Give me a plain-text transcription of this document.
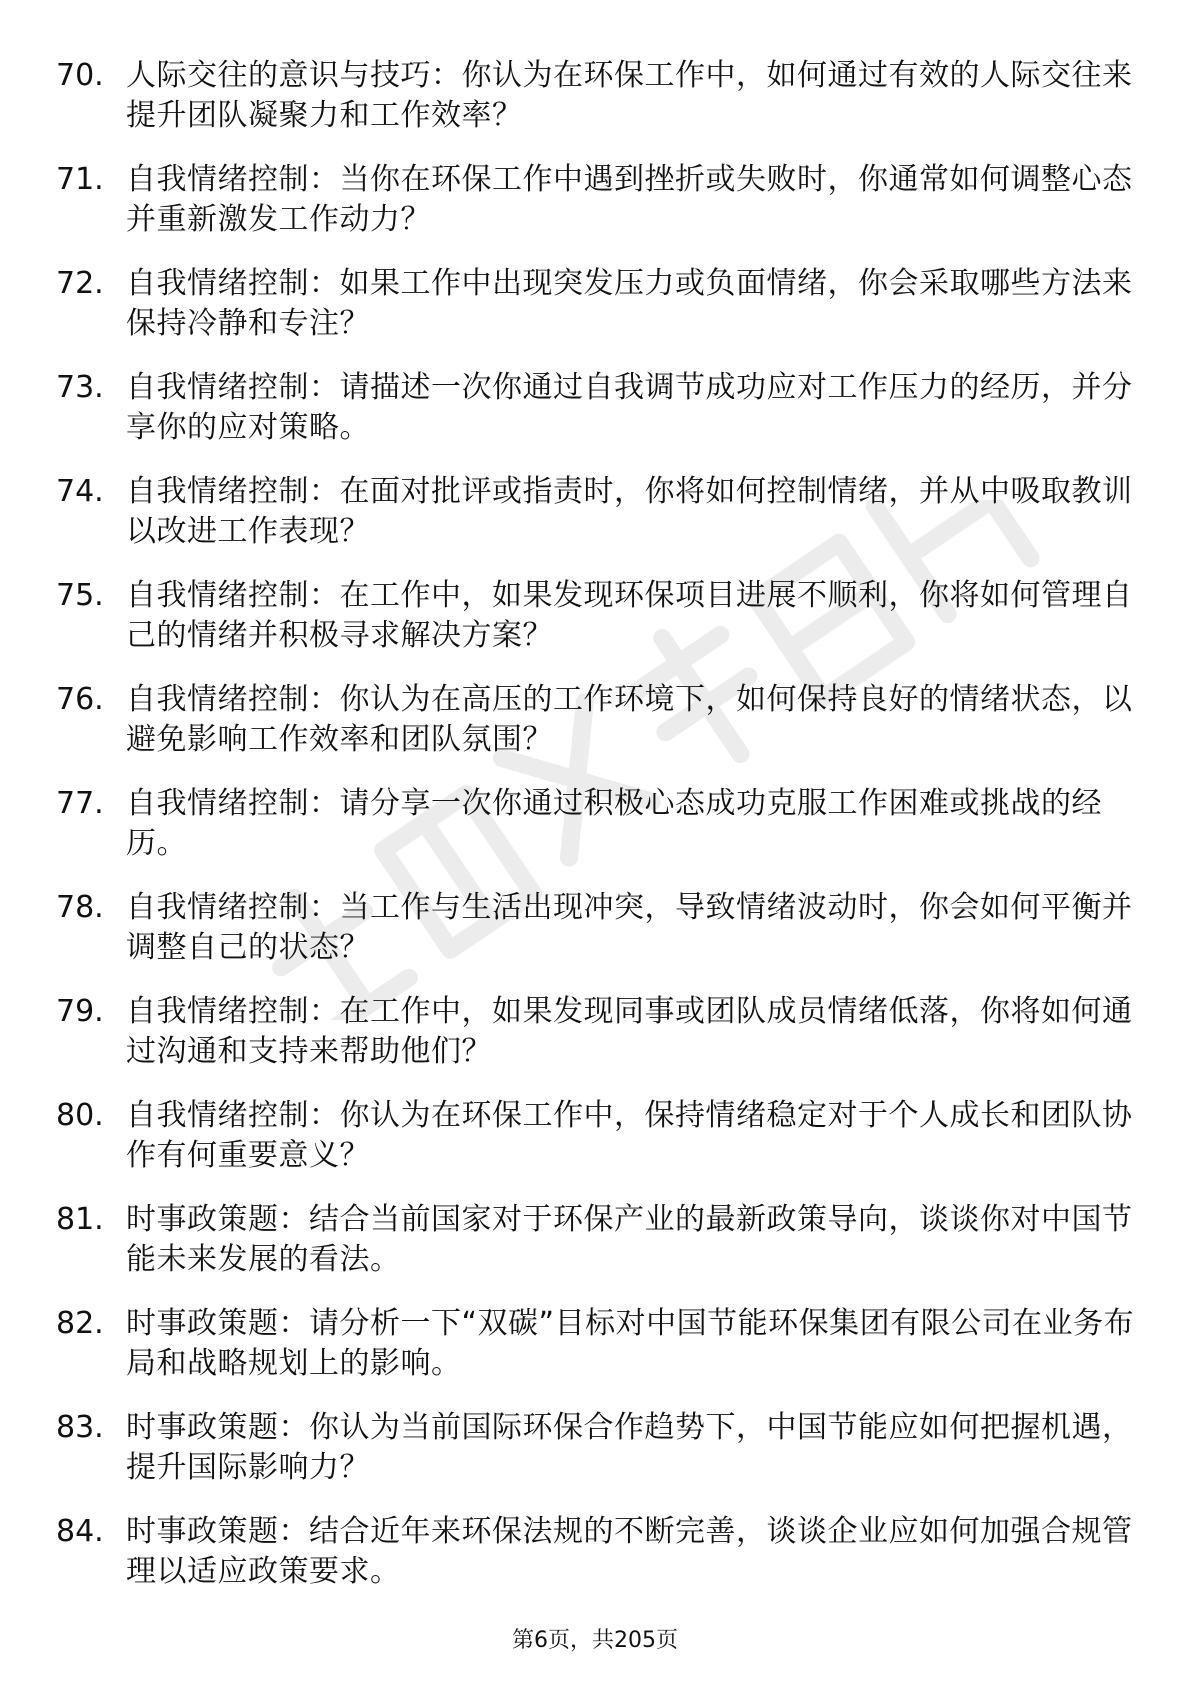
70. 人际交往的意识与技巧：你认为在环保工作中，如何通过有效的人际交往来提升团队凝聚力和工作效率？
71. 自我情绪控制：当你在环保工作中遇到挫折或失败时，你通常如何调整心态并重新激发工作动力？
72. 自我情绪控制：如果工作中出现突发压力或负面情绪，你会采取哪些方法来保持冷静和专注？
73. 自我情绪控制：请描述一次你通过自我调节成功应对工作压力的经历，并分享你的应对策略。
74. 自我情绪控制：在面对批评或指责时，你将如何控制情绪，并从中吸取教训以改进工作表现？
75. 自我情绪控制：在工作中，如果发现环保项目进展不顺利，你将如何管理自己的情绪并积极寻求解决方案？
76. 自我情绪控制：你认为在高压的工作环境下，如何保持良好的情绪状态，以避免影响工作效率和团队氛围？
77. 自我情绪控制：请分享一次你通过积极心态成功克服工作困难或挑战的经历。
78. 自我情绪控制：当工作与生活出现冲突，导致情绪波动时，你会如何平衡并调整自己的状态？
79. 自我情绪控制：在工作中，如果发现同事或团队成员情绪低落，你将如何通过沟通和支持来帮助他们？
80. 自我情绪控制：你认为在环保工作中，保持情绪稳定对于个人成长和团队协作有何重要意义？
81. 时事政策题：结合当前国家对于环保产业的最新政策导向，谈谈你对中国节能未来发展的看法。
82. 时事政策题：请分析一下“双碳”目标对中国节能环保集团有限公司在业务布局和战略规划上的影响。
83. 时事政策题：你认为当前国际环保合作趋势下，中国节能应如何把握机遇，提升国际影响力？
84. 时事政策题：结合近年来环保法规的不断完善，谈谈企业应如何加强合规管理以适应政策要求。
第6页，共205页
